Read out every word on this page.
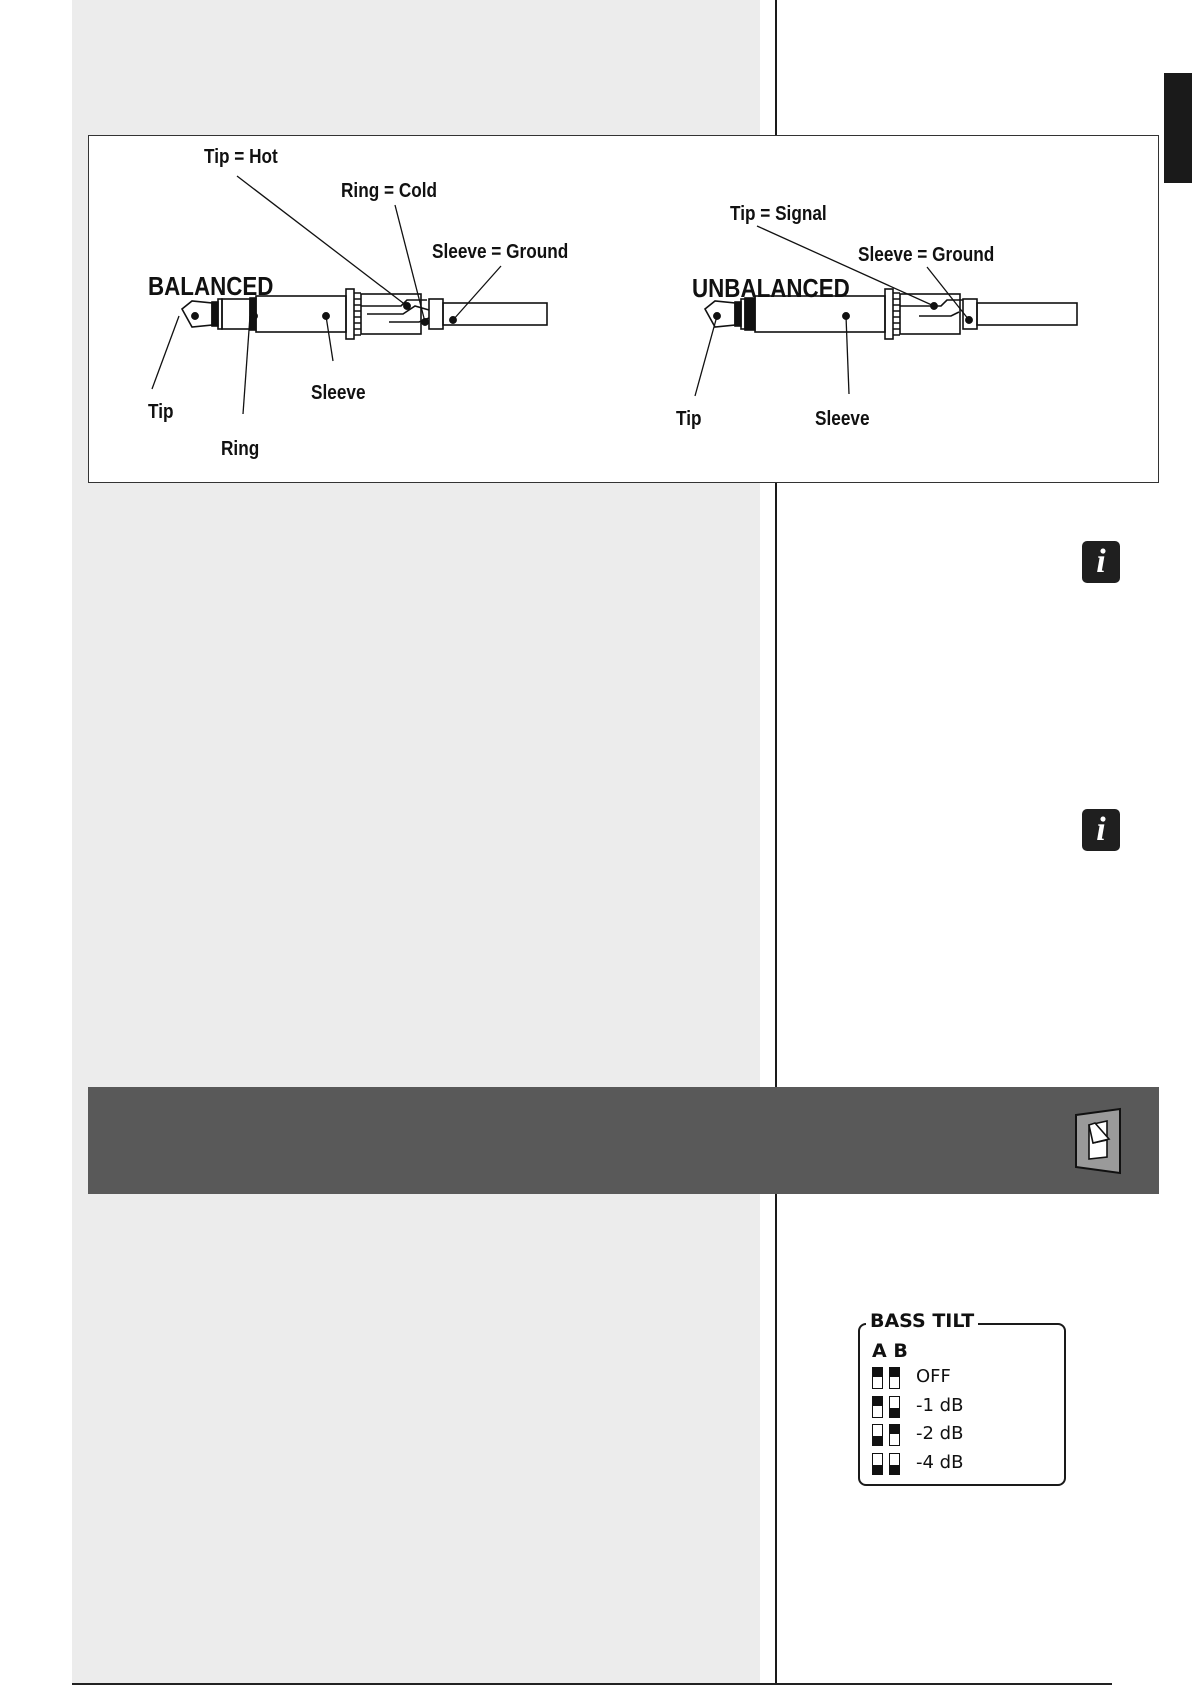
Tip = Hot
Ring = Cold
Sleeve = Ground
BALANCED
Tip
Ring
Sleeve
Tip = Signal
Sleeve = Ground
UNBALANCED
Tip	Sleeve
i
i
BASS TILT
A B
OFF
-1 dB
-2 dB
-4 dB
